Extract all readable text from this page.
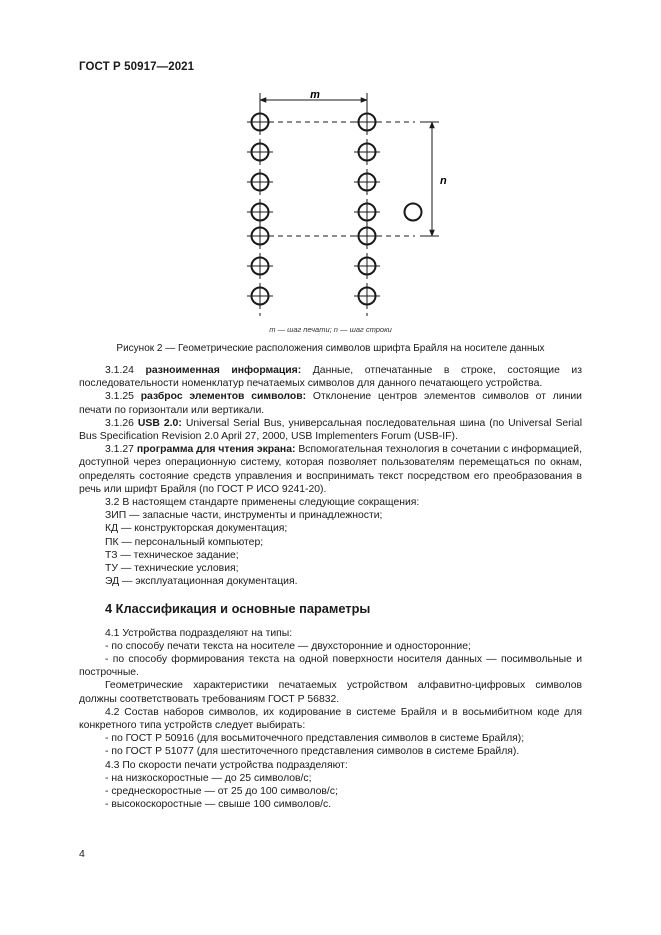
ГОСТ Р 50917—2021
m
n
m — шаг печати; n — шаг строки
Рисунок 2 — Геометрические расположения символов шрифта Брайля на носителе данных

3.1.24 разноименная информация: Данные, отпечатанные в строке, состоящие из последовательности номенклатур печатаемых символов для данного печатающего устройства.

3.1.25 разброс элементов символов: Отклонение центров элементов символов от линии печати по горизонтали или вертикали.

3.1.26 USB 2.0: Universal Serial Bus, универсальная последовательная шина (по Universal Serial Bus Specification Revision 2.0 April 27, 2000, USB Implementers Forum (USB-IF).

3.1.27 программа для чтения экрана: Вспомогательная технология в сочетании с информацией, доступной через операционную систему, которая позволяет пользователям перемещаться по окнам, определять состояние средств управления и воспринимать текст посредством его преобразования в речь или шрифт Брайля (по ГОСТ Р ИСО 9241-20).

3.2 В настоящем стандарте применены следующие сокращения:

ЗИП — запасные части, инструменты и принадлежности;

КД — конструкторская документация;

ПК — персональный компьютер;

ТЗ — техническое задание;

ТУ — технические условия;

ЭД — эксплуатационная документация.

4 Классификация и основные параметры

4.1 Устройства подразделяют на типы:

- по способу печати текста на носителе — двухсторонние и односторонние;

- по способу формирования текста на одной поверхности носителя данных — посимвольные и построчные.

Геометрические характеристики печатаемых устройством алфавитно-цифровых символов должны соответствовать требованиям ГОСТ Р 56832.

4.2 Состав наборов символов, их кодирование в системе Брайля и в восьмибитном коде для конкретного типа устройств следует выбирать:

- по ГОСТ Р 50916 (для восьмиточечного представления символов в системе Брайля);

- по ГОСТ Р 51077 (для шеститочечного представления символов в системе Брайля).

4.3 По скорости печати устройства подразделяют:

- на низкоскоростные — до 25 символов/с;

- среднескоростные — от 25 до 100 символов/с;

- высокоскоростные — свыше 100 символов/с.

4
